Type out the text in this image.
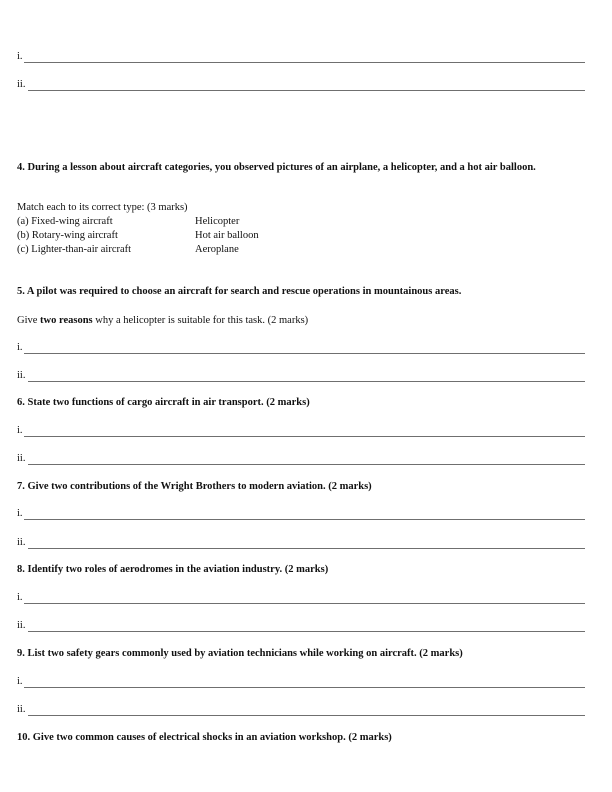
i.
ii.
4. During a lesson about aircraft categories, you observed pictures of an airplane, a helicopter, and a hot air balloon.
Match each to its correct type: (3 marks)
(a) Fixed-wing aircraft	Helicopter
(b) Rotary-wing aircraft	Hot air balloon
(c) Lighter-than-air aircraft	Aeroplane
5. A pilot was required to choose an aircraft for search and rescue operations in mountainous areas.
Give two reasons why a helicopter is suitable for this task. (2 marks)
i.
ii.
6. State two functions of cargo aircraft in air transport. (2 marks)
i.
ii.
7. Give two contributions of the Wright Brothers to modern aviation. (2 marks)
i.
ii.
8. Identify two roles of aerodromes in the aviation industry. (2 marks)
i.
ii.
9. List two safety gears commonly used by aviation technicians while working on aircraft. (2 marks)
i.
ii.
10. Give two common causes of electrical shocks in an aviation workshop. (2 marks)
